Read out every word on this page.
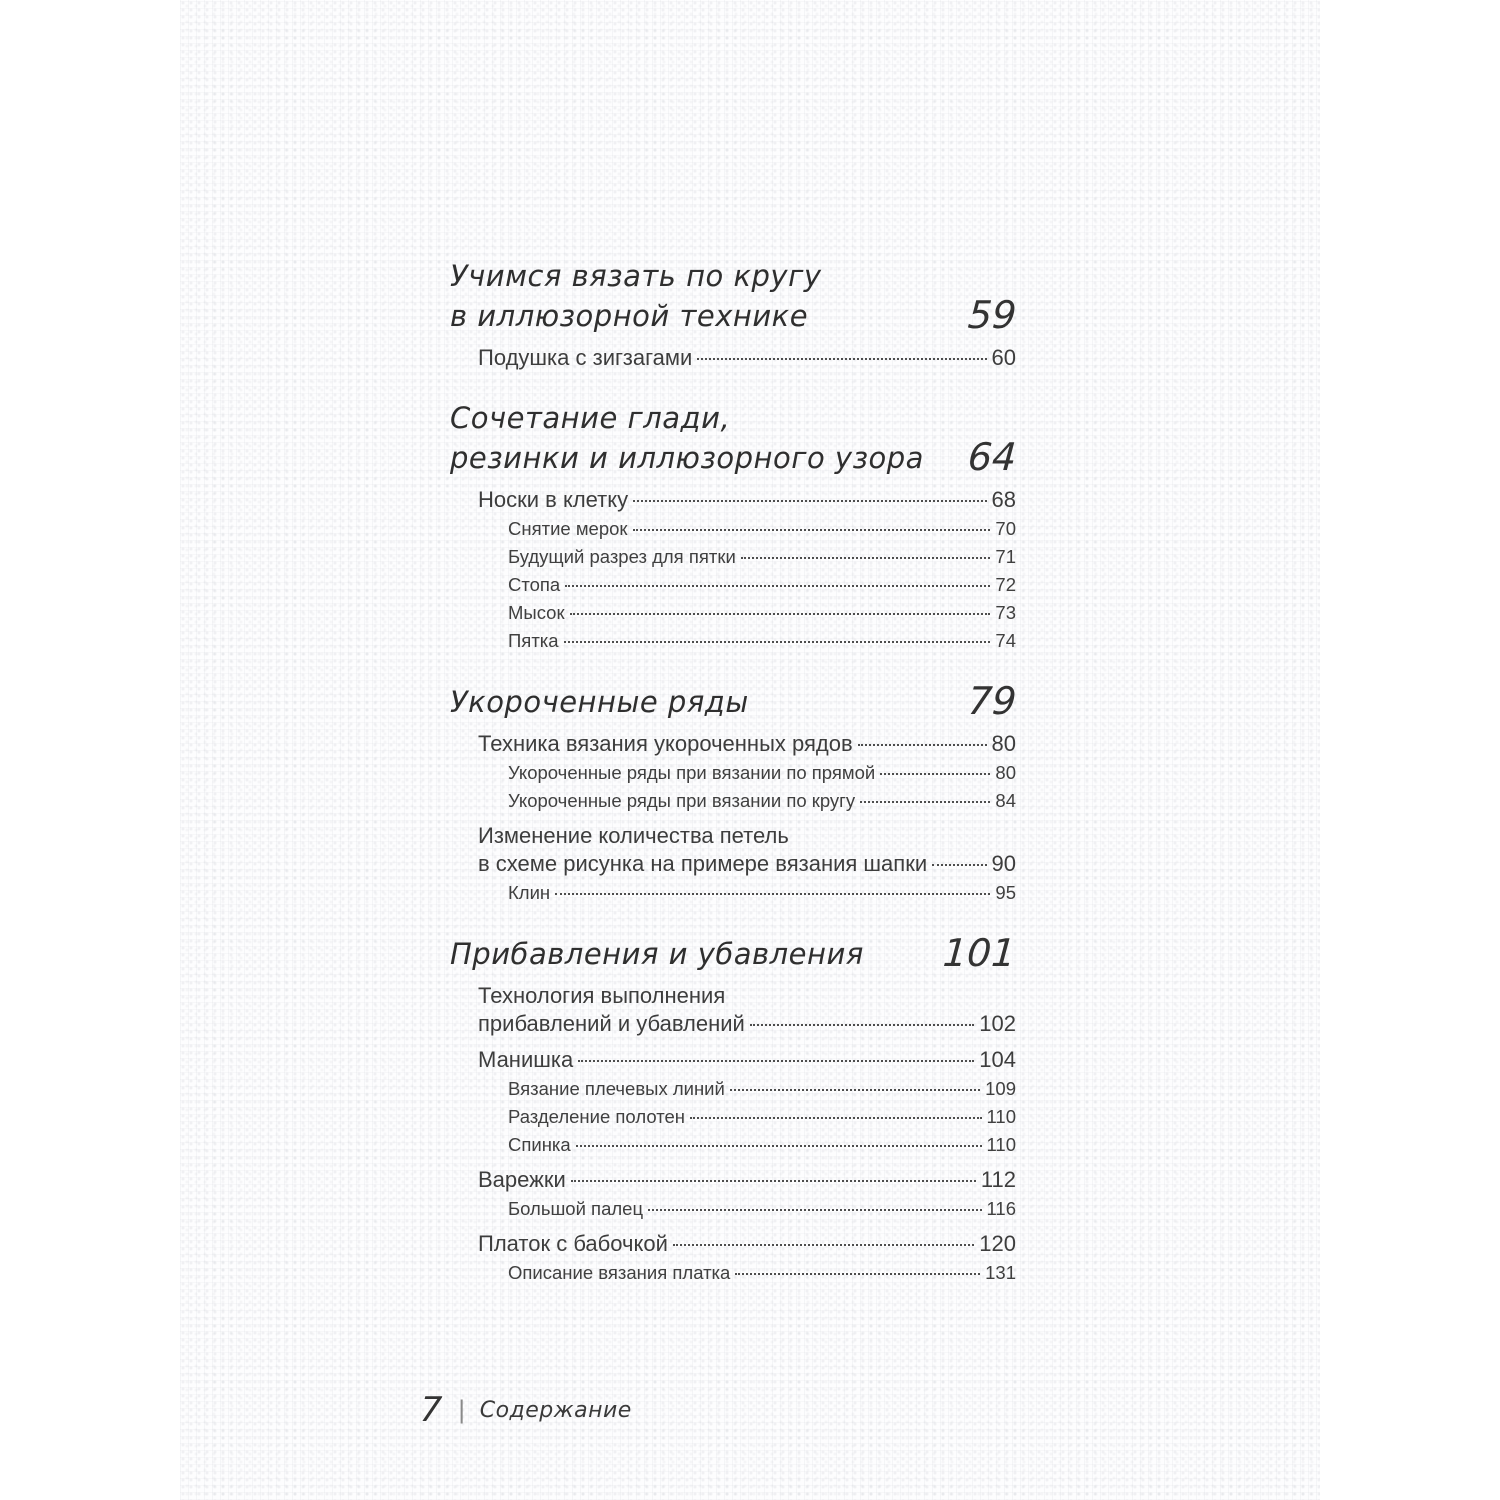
Учимся вязать по кругу
в иллюзорной технике	59
Подушка с зигзагами	60
Сочетание глади,
резинки и иллюзорного узора 64
Носки в клетку	68
Снятие мерок	70
Будущий разрез для пятки	71
Стопа	72
Мысок	73
Пятка	74
Укороченные ряды	79
Техника вязания укороченных рядов	80
Укороченные ряды при вязании по прямой	80
Укороченные ряды при вязании по кругу	84
Изменение количества петель
в схеме рисунка на примере вязания шапки	90
Клин	95
Прибавления и убавления 101
Технология выполнения
прибавлений и убавлений	102
Манишка	104
Вязание плечевых линий	109
Разделение полотен	110
Спинка	110
Варежки	112
Большой палец	116
Платок с бабочкой	120
Описание вязания платка	131
7 | Содержание
